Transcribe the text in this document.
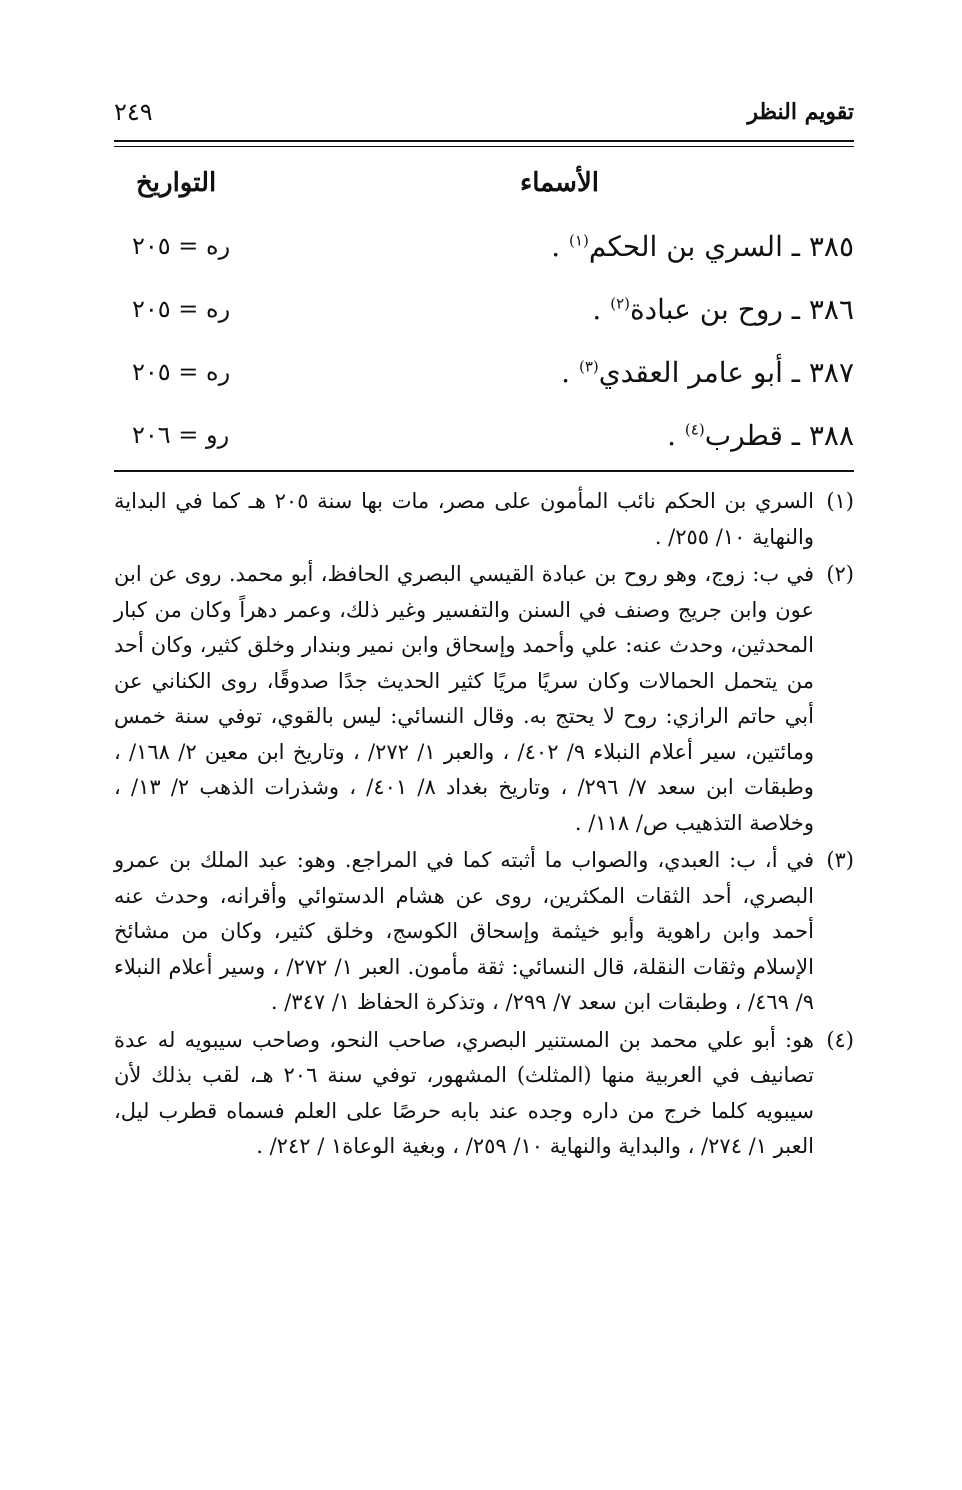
تقويم النظر
٢٤٩
الأسماء
التواريخ
٣٨٥ ـ السري بن الحكم$^{(١)}$ .
ره = ٢٠٥
٣٨٦ ـ روح بن عبادة$^{(٢)}$ .
ره = ٢٠٥
٣٨٧ ـ أبو عامر العقدي$^{(٣)}$ .
ره = ٢٠٥
٣٨٨ ـ قطرب$^{(٤)}$ .
رو = ٢٠٦
(١)

السري بن الحكم نائب المأمون على مصر، مات بها سنة ٢٠٥ هـ كما في البداية والنهاية ١٠/ ٢٥٥/ .

(٢)

في ب: زوج، وهو روح بن عبادة القيسي البصري الحافظ، أبو محمد. روى عن ابن عون وابن جريج وصنف في السنن والتفسير وغير ذلك، وعمر دهراً وكان من كبار المحدثين، وحدث عنه: علي وأحمد وإسحاق وابن نمير وبندار وخلق كثير، وكان أحد من يتحمل الحمالات وكان سريًا مريًا كثير الحديث جدًا صدوقًا، روى الكناني عن أبي حاتم الرازي: روح لا يحتج به. وقال النسائي: ليس بالقوي، توفي سنة خمس ومائتين، سير أعلام النبلاء ٩/ ٤٠٢/ ، والعبر ١/ ٢٧٢/ ، وتاريخ ابن معين ٢/ ١٦٨/ ، وطبقات ابن سعد ٧/ ٢٩٦/ ، وتاريخ بغداد ٨/ ٤٠١/ ، وشذرات الذهب ٢/ ١٣/ ، وخلاصة التذهيب ص/ ١١٨/ .

(٣)

في أ، ب: العبدي، والصواب ما أثبته كما في المراجع. وهو: عبد الملك بن عمرو البصري، أحد الثقات المكثرين، روى عن هشام الدستوائي وأقرانه، وحدث عنه أحمد وابن راهوية وأبو خيثمة وإسحاق الكوسج، وخلق كثير، وكان من مشائخ الإسلام وثقات النقلة، قال النسائي: ثقة مأمون. العبر ١/ ٢٧٢/ ، وسير أعلام النبلاء ٩/ ٤٦٩/ ، وطبقات ابن سعد ٧/ ٢٩٩/ ، وتذكرة الحفاظ ١/ ٣٤٧/ .

(٤)

هو: أبو علي محمد بن المستنير البصري، صاحب النحو، وصاحب سيبويه له عدة تصانيف في العربية منها (المثلث) المشهور، توفي سنة ٢٠٦ هـ، لقب بذلك لأن سيبويه كلما خرج من داره وجده عند بابه حرصًا على العلم فسماه قطرب ليل، العبر ١/ ٢٧٤/ ، والبداية والنهاية ١٠/ ٢٥٩/ ، وبغية الوعاة١ / ٢٤٢/ .
